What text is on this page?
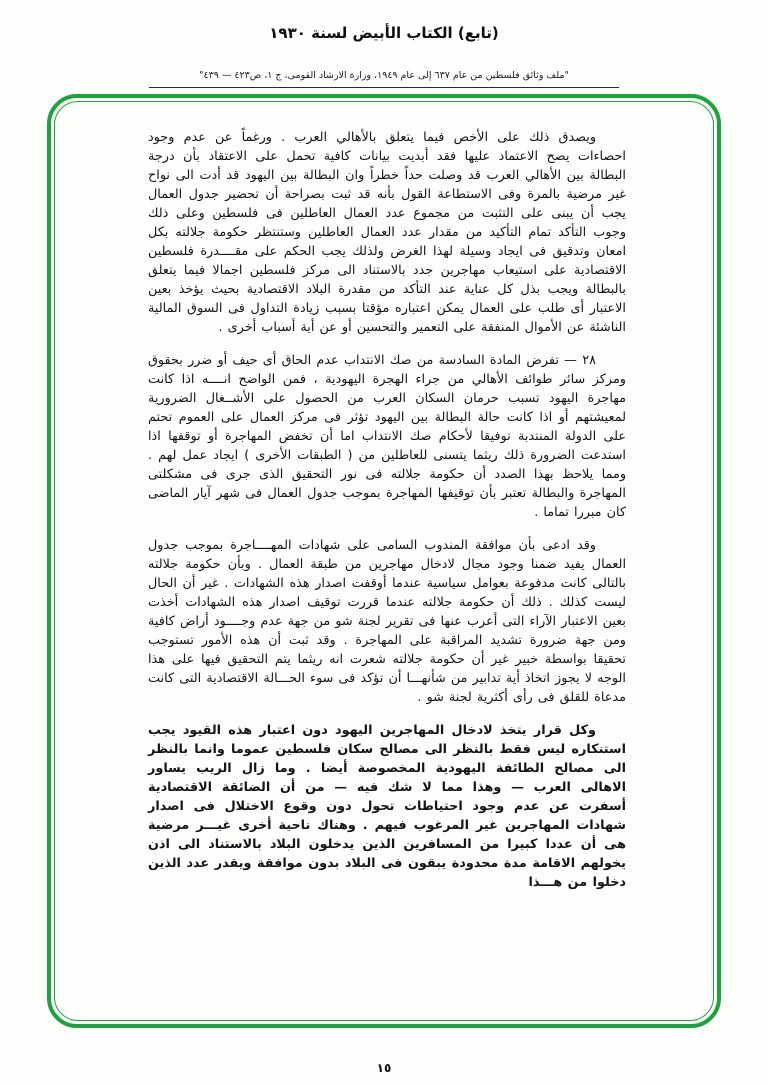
(تابع) الكتاب الأبيض لسنة ١٩٣٠

"ملف وثائق فلسطين من عام ٦٣٧ إلى عام ١٩٤٩، وزارة الارشاد القومى، ج ١، ص٤٢٣ — ٤٣٩"

ويصدق ذلك على الأخص فيما يتعلق بالأهالي العرب . ورغماً عن عدم وجود احصاءات يصح الاعتماد عليها فقد أبديت بيانات كافية تحمل على الاعتقاد بأن درجة البطالة بين الأهالي العرب قد وصلت حداً خطراً وان البطالة بين اليهود قد أدت الى نواح غير مرضية بالمرة وفى الاستطاعة القول بأنه قد ثبت بصراحة أن تحضير جدول العمال يجب أن يبنى على التثبت من مجموع عدد العمال العاطلين فى فلسطين وعلى ذلك وجوب التأكد تمام التأكيد من مقدار عدد العمال العاطلين وستنتظر حكومة جلالته بكل امعان وتدقيق فى ايجاد وسيلة لهذا الغرض ولذلك يجب الحكم على مقــــدرة فلسطين الاقتصادية على استيعاب مهاجرين جدد بالاستناد الى مركز فلسطين اجمالا فيما يتعلق بالبطالة ويجب بذل كل عناية عند التأكد من مقدرة البلاد الاقتصادية بحيث يؤخذ بعين الاعتبار أى طلب على العمال يمكن اعتباره مؤقتا بسبب زيادة التداول فى السوق المالية الناشئة عن الأموال المنفقة على التعمير والتحسين أو عن أية أسباب أخرى .

٢٨ — تفرض المادة السادسة من صك الانتداب عدم الحاق أى حيف أو ضرر بحقوق ومركز سائر طوائف الأهالي من جراء الهجرة اليهودية ، فمن الواضح انــــه اذا كانت مهاجرة اليهود تسبب حرمان السكان العرب من الحصول على الأشــغال الضرورية لمعيشتهم أو اذا كانت حالة البطالة بين اليهود تؤثر فى مركز العمال على العموم تحتم على الدولة المنتدبة توفيقا لأحكام صك الانتداب اما أن تخفض المهاجرة أو توقفها اذا استدعت الضرورة ذلك ريثما يتسنى للعاطلين من ( الطبقات الأخرى ) ايجاد عمل لهم . ومما يلاحظ بهذا الصدد أن حكومة جلالته فى نور التحقيق الذى جرى فى مشكلتى المهاجرة والبطالة تعتبر بأن توقيفها المهاجرة بموجب جدول العمال فى شهر آيار الماضى كان مبررا تماما .

وقد ادعى بأن موافقة المندوب السامى على شهادات المهــــاجرة بموجب جدول العمال يفيد ضمنا وجود مجال لادخال مهاجرين من طبقة العمال . وبأن حكومة جلالته بالتالى كانت مدفوعة بعوامل سياسية عندما أوقفت اصدار هذه الشهادات . غير أن الحال ليست كذلك . ذلك أن حكومة جلالته عندما قررت توقيف اصدار هذه الشهادات أخذت بعين الاعتبار الآراء التى أعرب عنها فى تقرير لجنة شو من جهة عدم وجــــود أراض كافية ومن جهة ضرورة تشديد المراقبة على المهاجرة . وقد ثبت أن هذه الأمور تستوجب تحقيقا بواسطة خبير غير أن حكومة جلالته شعرت انه ريثما يتم التحقيق فيها على هذا الوجه لا يجوز اتخاذ أية تدابير من شأنهـــا أن تؤكد فى سوء الحـــالة الاقتصادية التى كانت مدعاة للقلق فى رأى أكثرية لجنة شو .

وكل قرار يتخذ لادخال المهاجرين اليهود دون اعتبار هذه القيود يجب استنكاره ليس فقط بالنظر الى مصالح سكان فلسطين عموما وانما بالنظر الى مصالح الطائفة اليهودية المخصوصة أيضا . وما زال الريب يساور الاهالى العرب — وهذا مما لا شك فيه — من أن الضائقة الاقتصادية أسفرت عن عدم وجود احتياطات تحول دون وقوع الاختلال فى اصدار شهادات المهاجرين غير المرغوب فيهم . وهناك ناحية أخرى غيـــر مرضية هى أن عددا كبيرا من المسافرين الذين يدخلون البلاد بالاستناد الى اذن يخولهم الاقامة مدة محدودة يبقون فى البلاد بدون موافقة ويقدر عدد الذين دخلوا من هـــذا

١٥
